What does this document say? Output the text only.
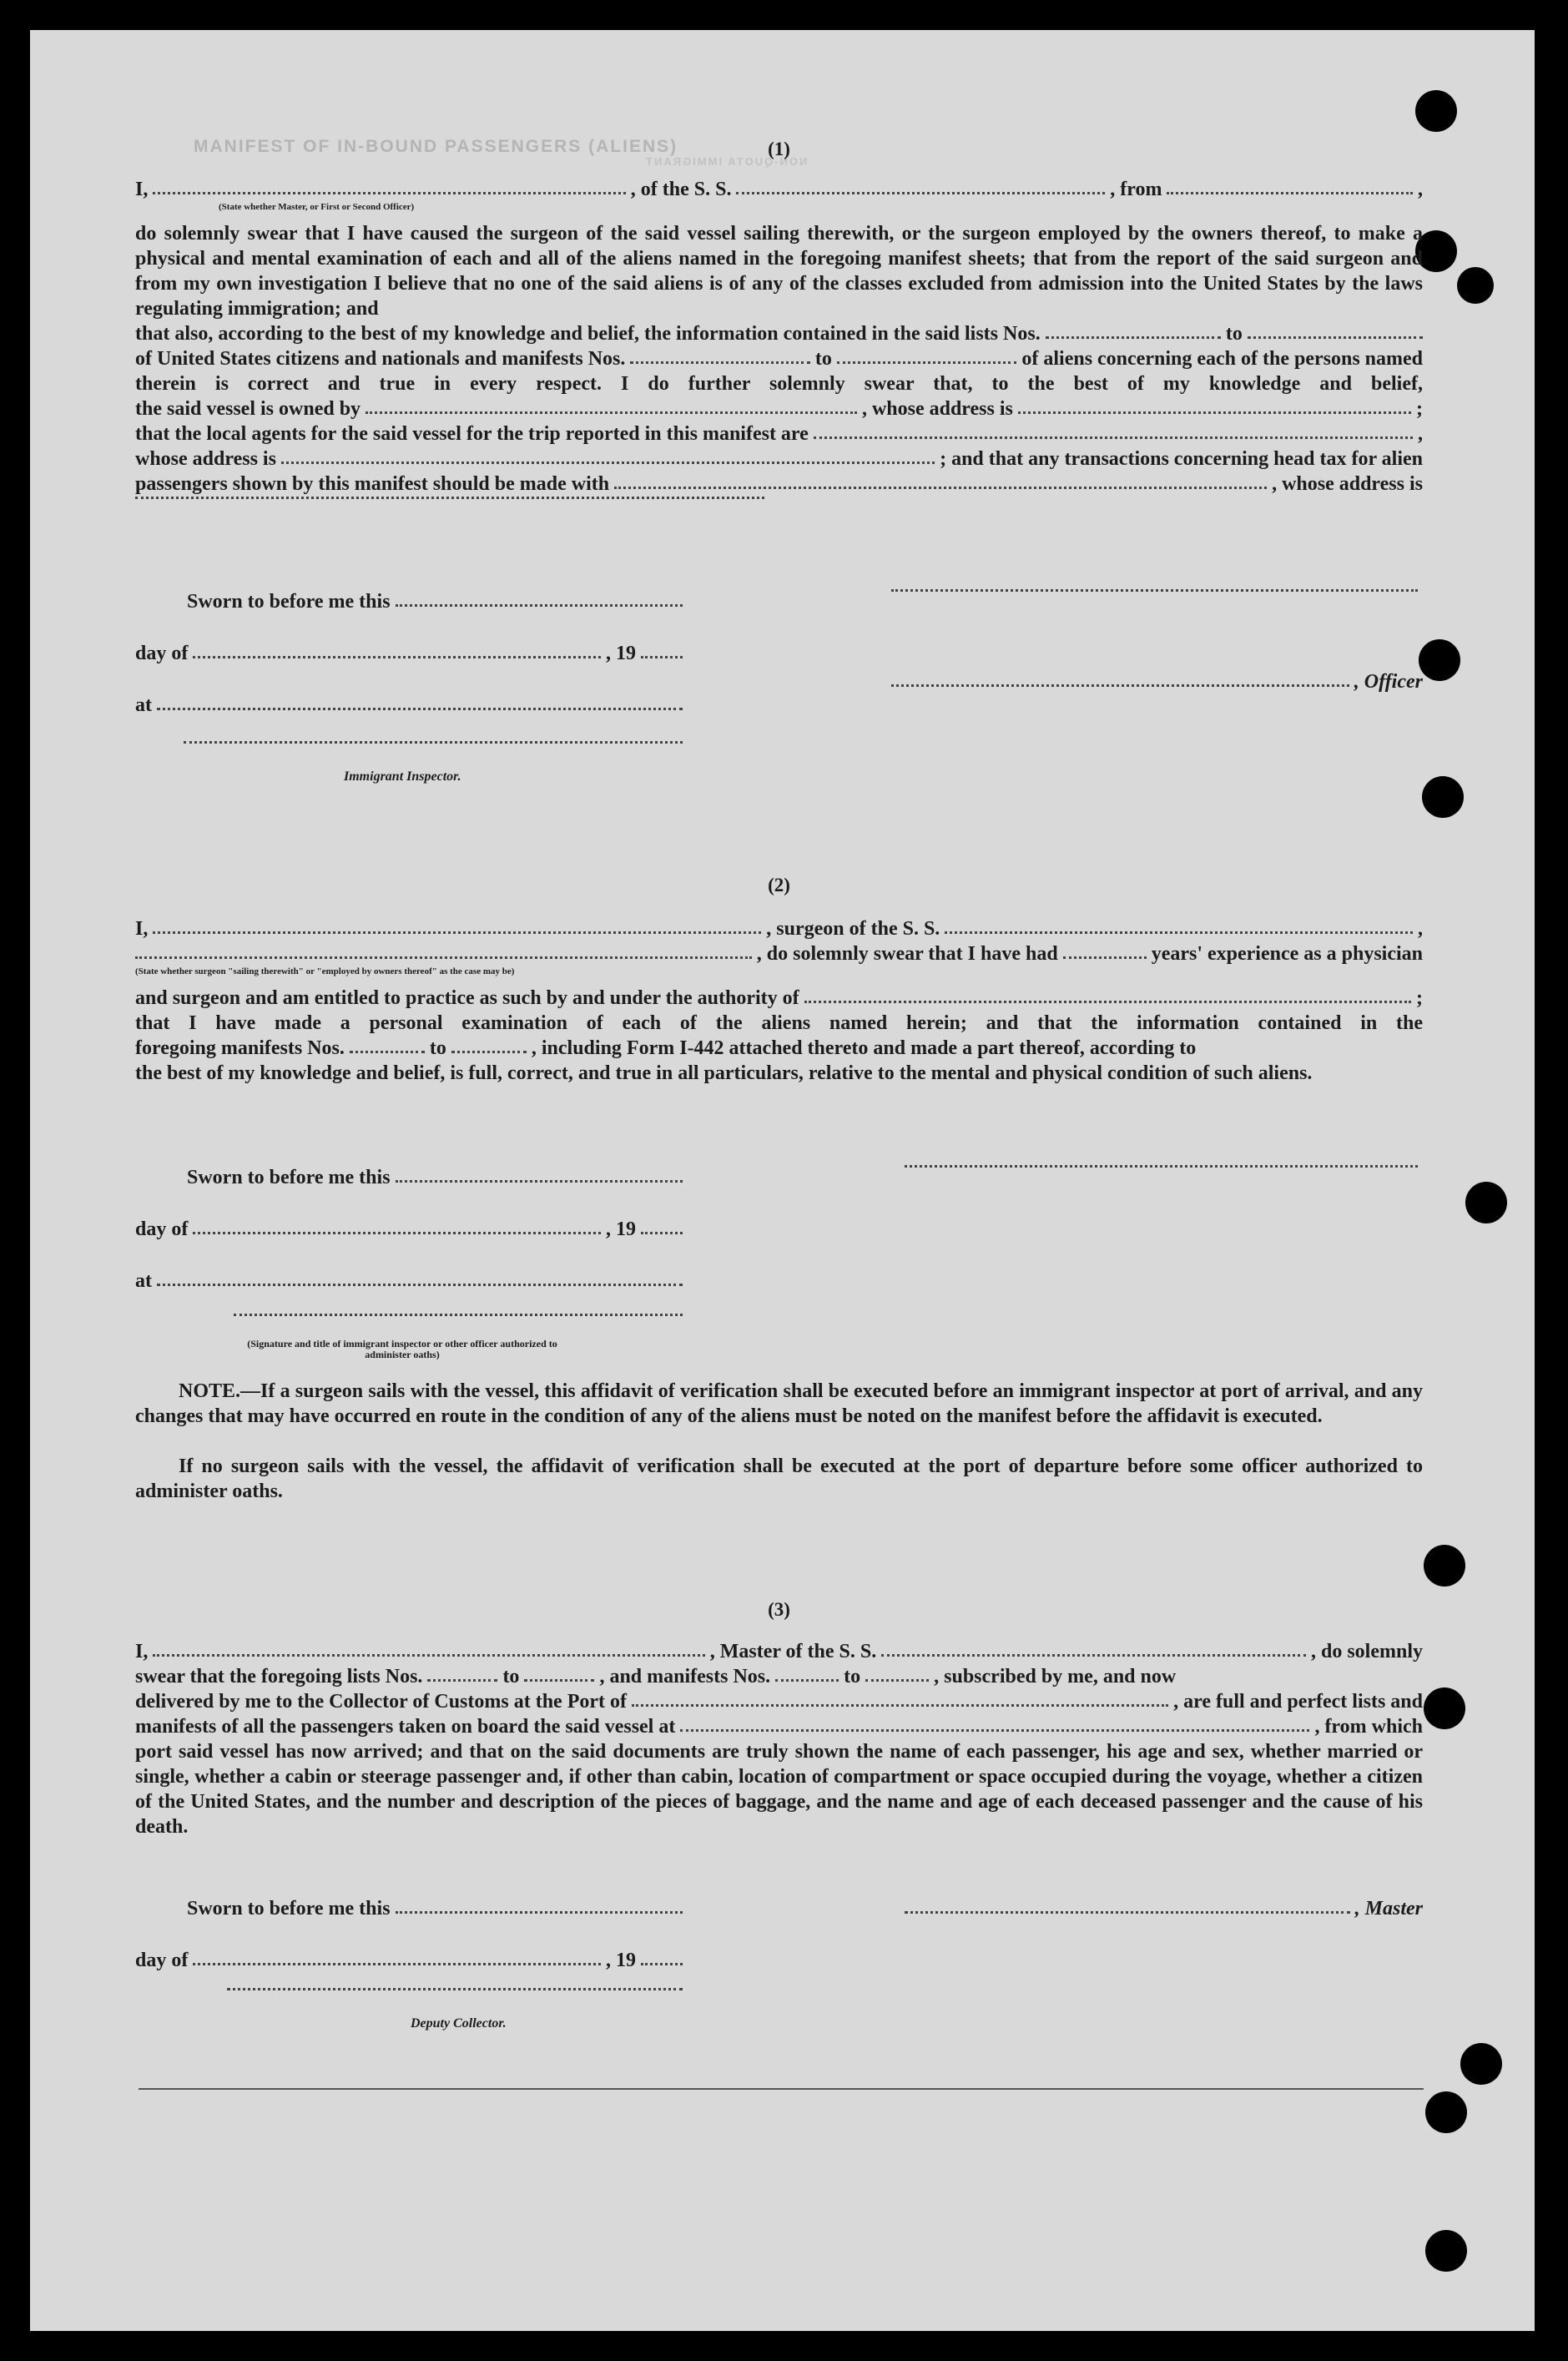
MANIFEST OF IN-BOUND PASSENGERS (ALIENS)
NON-QUOTA IMMIGRANT
(1)
I,	, of the S. S.	, from	,
(State whether Master, or First or Second Officer)
do solemnly swear that I have caused the surgeon of the said vessel sailing therewith, or the surgeon employed by the owners thereof, to make a physical and mental examination of each and all of the aliens named in the foregoing manifest sheets; that from the report of the said surgeon and from my own investigation I believe that no one of the said aliens is of any of the classes excluded from admission into the United States by the laws regulating immigration; and
that also, according to the best of my knowledge and belief, the information contained in the said lists Nos.	to
of United States citizens and nationals and manifests Nos.	to	of aliens concerning each of the persons named
therein is correct and true in every respect. I do further solemnly swear that, to the best of my knowledge and belief,
the said vessel is owned by	, whose address is	;
that the local agents for the said vessel for the trip reported in this manifest are	,
whose address is	; and that any transactions concerning head tax for alien
passengers shown by this manifest should be made with	, whose address is
Sworn to before me this
day of	, 19
at
Immigrant Inspector.
, Officer
(2)
I,	, surgeon of the S. S.	,
, do solemnly swear that I have had	years' experience as a physician
(State whether surgeon "sailing therewith" or "employed by owners thereof" as the case may be)
and surgeon and am entitled to practice as such by and under the authority of	;
that I have made a personal examination of each of the aliens named herein; and that the information contained in the
foregoing manifests Nos.	to	, including Form I-442 attached thereto and made a part thereof, according to
the best of my knowledge and belief, is full, correct, and true in all particulars, relative to the mental and physical condition of such aliens.
Sworn to before me this
day of	, 19
at
(Signature and title of immigrant inspector or other officer authorized to administer oaths)
NOTE.—If a surgeon sails with the vessel, this affidavit of verification shall be executed before an immigrant inspector at port of arrival, and any changes that may have occurred en route in the condition of any of the aliens must be noted on the manifest before the affidavit is executed.
If no surgeon sails with the vessel, the affidavit of verification shall be executed at the port of departure before some officer authorized to administer oaths.
(3)
I,	, Master of the S. S.	, do solemnly
swear that the foregoing lists Nos.	to	, and manifests Nos.	to	, subscribed by me, and now
delivered by me to the Collector of Customs at the Port of	, are full and perfect lists and
manifests of all the passengers taken on board the said vessel at	, from which
port said vessel has now arrived; and that on the said documents are truly shown the name of each passenger, his age and sex, whether married or single, whether a cabin or steerage passenger and, if other than cabin, location of compartment or space occupied during the voyage, whether a citizen of the United States, and the number and description of the pieces of baggage, and the name and age of each deceased passenger and the cause of his death.
Sworn to before me this
day of	, 19
Deputy Collector.
, Master
